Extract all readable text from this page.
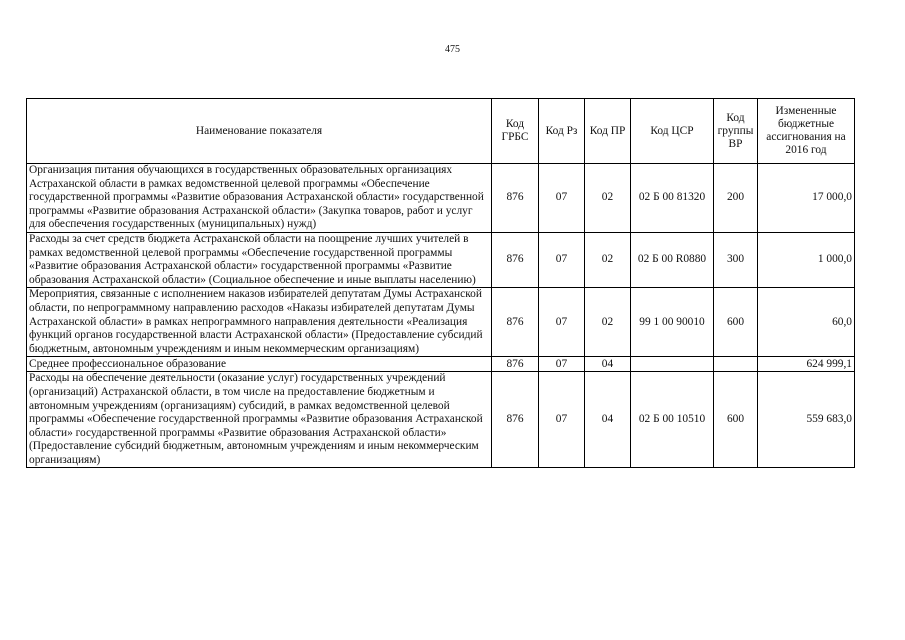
475
Наименование показателя	Код ГРБС	Код Рз	Код ПР	Код ЦСР	Код группы ВР	Измененные бюджетные ассигнования на 2016 год
Организация питания обучающихся в государственных образовательных организациях Астраханской области в рамках ведомственной целевой программы «Обеспечение государственной программы «Развитие образования Астраханской области» государственной программы «Развитие образования Астраханской области» (Закупка товаров, работ и услуг для обеспечения государственных (муниципальных) нужд)	876	07	02	02 Б 00 81320	200	17 000,0
Расходы за счет средств бюджета Астраханской области на поощрение лучших учителей в рамках ведомственной целевой программы «Обеспечение государственной программы «Развитие образования Астраханской области» государственной программы «Развитие образования Астраханской области» (Социальное обеспечение и иные выплаты населению)	876	07	02	02 Б 00 R0880	300	1 000,0
Мероприятия, связанные с исполнением наказов избирателей депутатам Думы Астраханской области, по непрограммному направлению расходов «Наказы избирателей депутатам Думы Астраханской области» в рамках непрограммного направления деятельности «Реализация функций органов государственной власти Астраханской области» (Предоставление субсидий бюджетным, автономным учреждениям и иным некоммерческим организациям)	876	07	02	99 1 00 90010	600	60,0
Среднее профессиональное образование	876	07	04			624 999,1
Расходы на обеспечение деятельности (оказание услуг) государственных учреждений (организаций) Астраханской области, в том числе на предоставление бюджетным и автономным учреждениям (организациям) субсидий, в рамках ведомственной целевой программы «Обеспечение государственной программы «Развитие образования Астраханской области» государственной программы «Развитие образования Астраханской области» (Предоставление субсидий бюджетным, автономным учреждениям и иным некоммерческим организациям)	876	07	04	02 Б 00 10510	600	559 683,0
